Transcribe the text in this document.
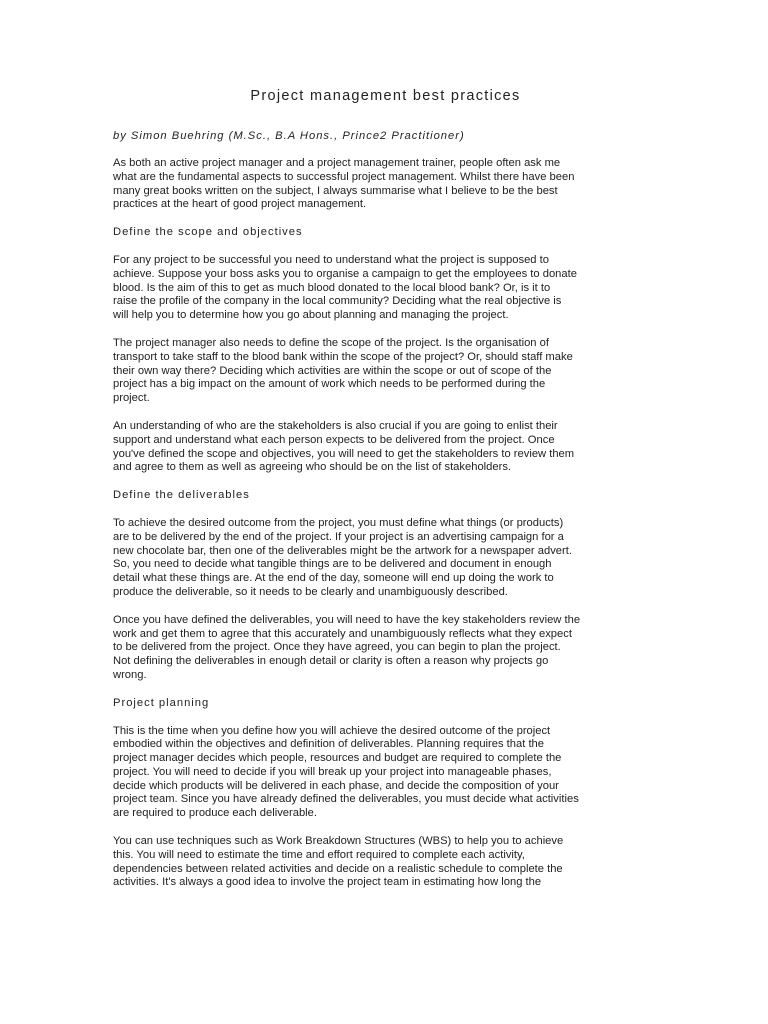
Project management best practices

by Simon Buehring (M.Sc., B.A Hons., Prince2 Practitioner)

As both an active project manager and a project management trainer, people often ask me
what are the fundamental aspects to successful project management. Whilst there have been
many great books written on the subject, I always summarise what I believe to be the best
practices at the heart of good project management.

Define the scope and objectives

For any project to be successful you need to understand what the project is supposed to
achieve. Suppose your boss asks you to organise a campaign to get the employees to donate
blood. Is the aim of this to get as much blood donated to the local blood bank? Or, is it to
raise the profile of the company in the local community? Deciding what the real objective is
will help you to determine how you go about planning and managing the project.

The project manager also needs to define the scope of the project. Is the organisation of
transport to take staff to the blood bank within the scope of the project? Or, should staff make
their own way there? Deciding which activities are within the scope or out of scope of the
project has a big impact on the amount of work which needs to be performed during the
project.

An understanding of who are the stakeholders is also crucial if you are going to enlist their
support and understand what each person expects to be delivered from the project. Once
you've defined the scope and objectives, you will need to get the stakeholders to review them
and agree to them as well as agreeing who should be on the list of stakeholders.

Define the deliverables

To achieve the desired outcome from the project, you must define what things (or products)
are to be delivered by the end of the project. If your project is an advertising campaign for a
new chocolate bar, then one of the deliverables might be the artwork for a newspaper advert.
So, you need to decide what tangible things are to be delivered and document in enough
detail what these things are. At the end of the day, someone will end up doing the work to
produce the deliverable, so it needs to be clearly and unambiguously described.

Once you have defined the deliverables, you will need to have the key stakeholders review the
work and get them to agree that this accurately and unambiguously reflects what they expect
to be delivered from the project. Once they have agreed, you can begin to plan the project.
Not defining the deliverables in enough detail or clarity is often a reason why projects go
wrong.

Project planning

This is the time when you define how you will achieve the desired outcome of the project
embodied within the objectives and definition of deliverables. Planning requires that the
project manager decides which people, resources and budget are required to complete the
project. You will need to decide if you will break up your project into manageable phases,
decide which products will be delivered in each phase, and decide the composition of your
project team. Since you have already defined the deliverables, you must decide what activities
are required to produce each deliverable.

You can use techniques such as Work Breakdown Structures (WBS) to help you to achieve
this. You will need to estimate the time and effort required to complete each activity,
dependencies between related activities and decide on a realistic schedule to complete the
activities. It's always a good idea to involve the project team in estimating how long the
